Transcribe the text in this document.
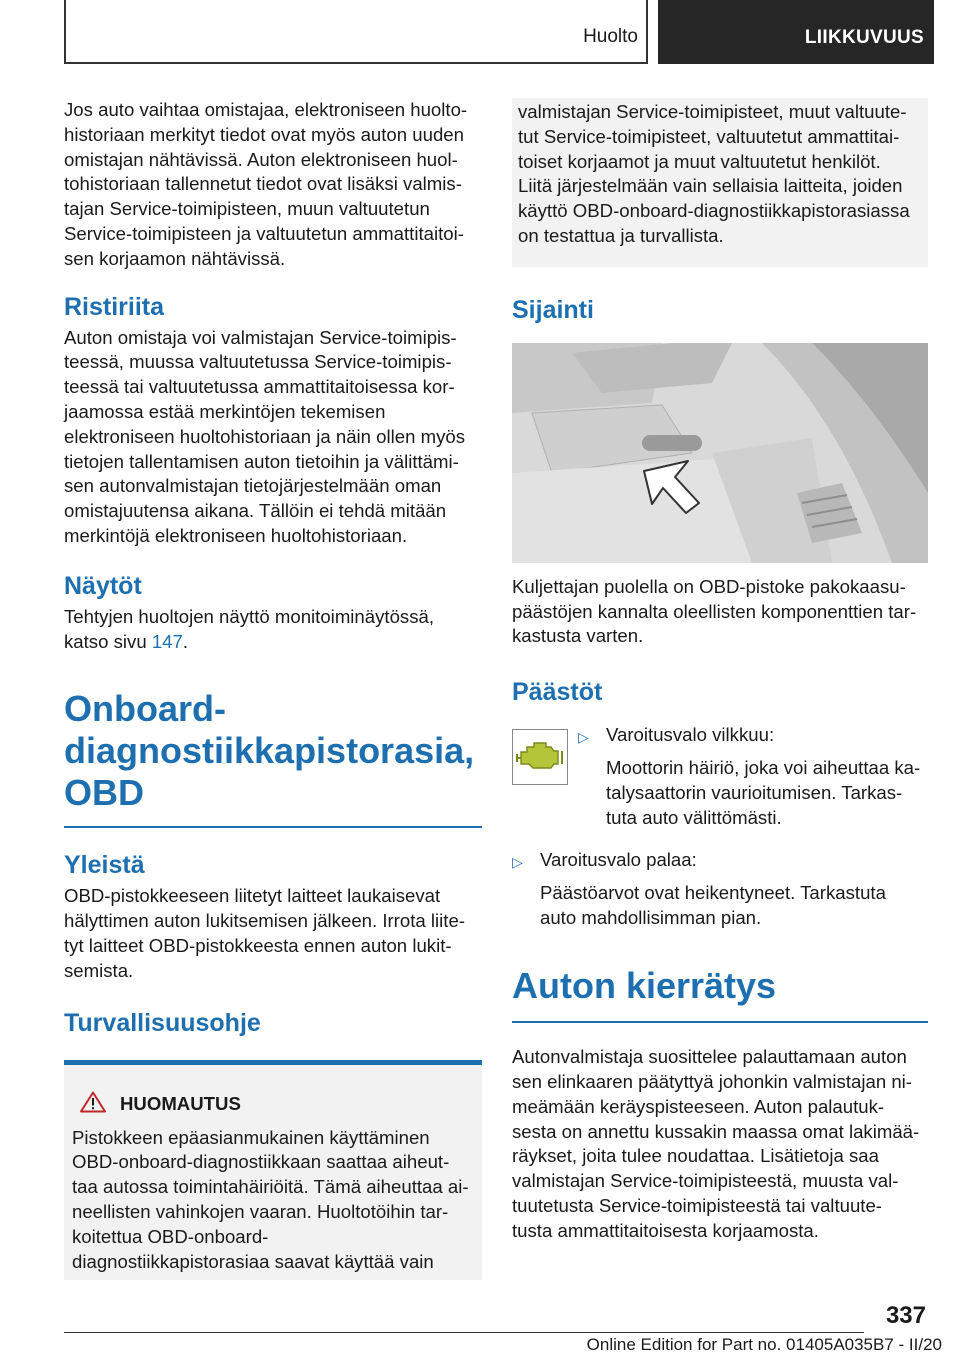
Huolto	LIIKKUVUUS

Jos auto vaihtaa omistajaa, elektroniseen huolto-
historiaan merkityt tiedot ovat myös auton uuden
omistajan nähtävissä. Auton elektroniseen huol-
tohistoriaan tallennetut tiedot ovat lisäksi valmis-
tajan Service-toimipisteen, muun valtuutetun
Service-toimipisteen ja valtuutetun ammattitaitoi-
sen korjaamon nähtävissä.

Ristiriita

Auton omistaja voi valmistajan Service-toimipis-
teessä, muussa valtuutetussa Service-toimipis-
teessä tai valtuutetussa ammattitaitoisessa kor-
jaamossa estää merkintöjen tekemisen
elektroniseen huoltohistoriaan ja näin ollen myös
tietojen tallentamisen auton tietoihin ja välittämi-
sen autonvalmistajan tietojärjestelmään oman
omistajuutensa aikana. Tällöin ei tehdä mitään
merkintöjä elektroniseen huoltohistoriaan.

Näytöt

Tehtyjen huoltojen näyttö monitoiminäytössä,
katso sivu 147.

Onboard-
diagnostiikkapistorasia,
OBD
Yleistä

OBD-pistokkeeseen liitetyt laitteet laukaisevat
hälyttimen auton lukitsemisen jälkeen. Irrota liite-
tyt laitteet OBD-pistokkeesta ennen auton lukit-
semista.

Turvallisuusohje
HUOMAUTUS

Pistokkeen epäasianmukainen käyttäminen
OBD-onboard-diagnostiikkaan saattaa aiheut-
taa autossa toimintahäiriöitä. Tämä aiheuttaa ai-
neellisten vahinkojen vaaran. Huoltotöihin tar-
koitettua OBD-onboard-
diagnostiikkapistorasiaa saavat käyttää vain

valmistajan Service-toimipisteet, muut valtuute-
tut Service-toimipisteet, valtuutetut ammattitai-
toiset korjaamot ja muut valtuutetut henkilöt.
Liitä järjestelmään vain sellaisia laitteita, joiden
käyttö OBD-onboard-diagnostiikkapistorasiassa
on testattua ja turvallista.

Sijainti

Kuljettajan puolella on OBD-pistoke pakokaasu-
päästöjen kannalta oleellisten komponenttien tar-
kastusta varten.

Päästöt
▷ Varoitusvalo vilkkuu:

Moottorin häiriö, joka voi aiheuttaa ka-
talysaattorin vaurioitumisen. Tarkas-
tuta auto välittömästi.

▷ Varoitusvalo palaa:

Päästöarvot ovat heikentyneet. Tarkastuta
auto mahdollisimman pian.

Auton kierrätys

Autonvalmistaja suosittelee palauttamaan auton
sen elinkaaren päätyttyä johonkin valmistajan ni-
meämään keräyspisteeseen. Auton palautuk-
sesta on annettu kussakin maassa omat lakimää-
räykset, joita tulee noudattaa. Lisätietoja saa
valmistajan Service-toimipisteestä, muusta val-
tuutetusta Service-toimipisteestä tai valtuute-
tusta ammattitaitoisesta korjaamosta.

337
Online Edition for Part no. 01405A035B7 - II/20
